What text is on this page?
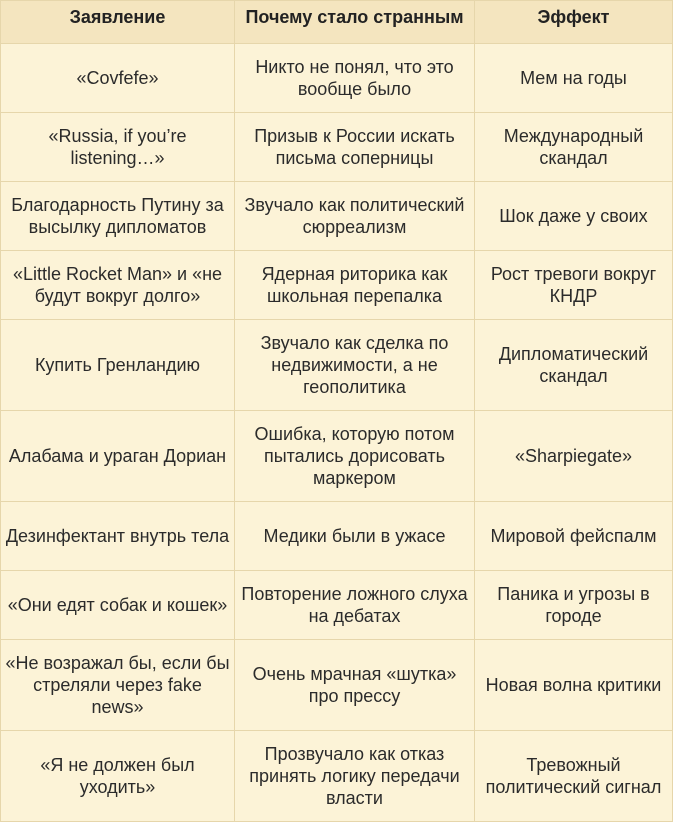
Заявление	Почему стало странным	Эффект
«Covfefe»	Никто не понял, что это вообще было	Мем на годы
«Russia, if you’re listening…»	Призыв к России искать письма соперницы	Международный скандал
Благодарность Путину за высылку дипломатов	Звучало как политический сюрреализм	Шок даже у своих
«Little Rocket Man» и «не будут вокруг долго»	Ядерная риторика как школьная перепалка	Рост тревоги вокруг КНДР
Купить Гренландию	Звучало как сделка по недвижимости, а не геополитика	Дипломатический скандал
Алабама и ураган Дориан	Ошибка, которую потом пытались дорисовать маркером	«Sharpiegate»
Дезинфектант внутрь тела	Медики были в ужасе	Мировой фейспалм
«Они едят собак и кошек»	Повторение ложного слуха на дебатах	Паника и угрозы в городе
«Не возражал бы, если бы стреляли через fake news»	Очень мрачная «шутка» про прессу	Новая волна критики
«Я не должен был уходить»	Прозвучало как отказ принять логику передачи власти	Тревожный политический сигнал
